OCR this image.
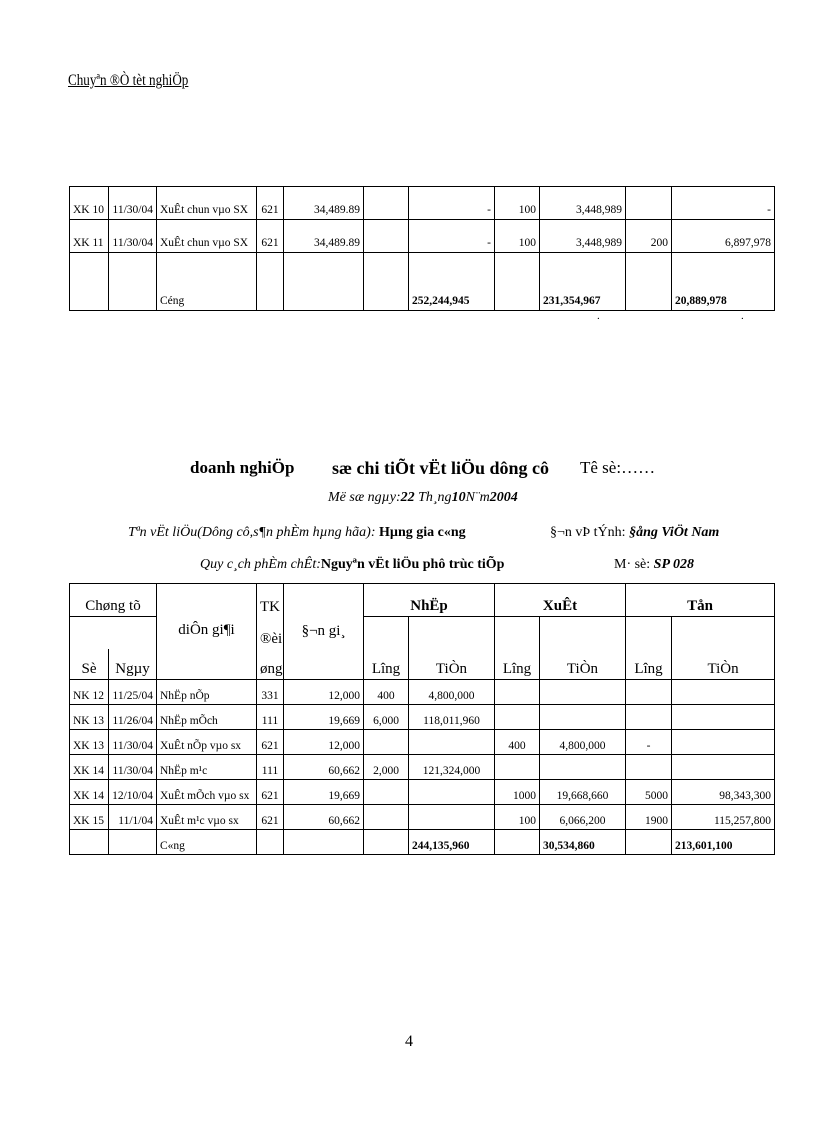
Chuyªn ®Ò tèt nghiÖp
XK 10	11/30/04	XuÊt chun vµo SX	621	34,489.89		-	100	3,448,989		-
XK 11	11/30/04	XuÊt chun vµo SX	621	34,489.89		-	100	3,448,989	200	6,897,978
		Céng				252,244,945		231,354,967		20,889,978
.	.
doanh nghiÖp sæ chi tiÕt vËt liÖu dông cô Tê sè:……
Më sæ ngµy:22 Th¸ng10N¨m2004
Tªn vËt liÖu(Dông cô,s¶n phÈm hµng hãa): Hµng gia c«ng	§¬n vÞ tÝnh: §ång ViÖt Nam
Quy c¸ch phÈm chÊt:Nguyªn vËt liÖu phô trùc tiÕp	M· sè: SP 028
Chøng tõ		diÔn gi¶i	TK		NhËp		XuÊt		Tån	
			®èi	§¬n gi¸						
Sè	Ngµy		øng		Lîng	TiÒn	Lîng	TiÒn	Lîng	TiÒn
NK 12	11/25/04	NhËp nÕp	331	12,000	400	4,800,000				
NK 13	11/26/04	NhËp mÕch	111	19,669	6,000	118,011,960				
XK 13	11/30/04	XuÊt nÕp vµo sx	621	12,000			400	4,800,000	-	
XK 14	11/30/04	NhËp m¹c	111	60,662	2,000	121,324,000				
XK 14	12/10/04	XuÊt mÕch vµo sx	621	19,669			1000	19,668,660	5000	98,343,300
XK 15	11/1/04	XuÊt m¹c vµo sx	621	60,662			100	6,066,200	1900	115,257,800
		C«ng				244,135,960		30,534,860		213,601,100
4
